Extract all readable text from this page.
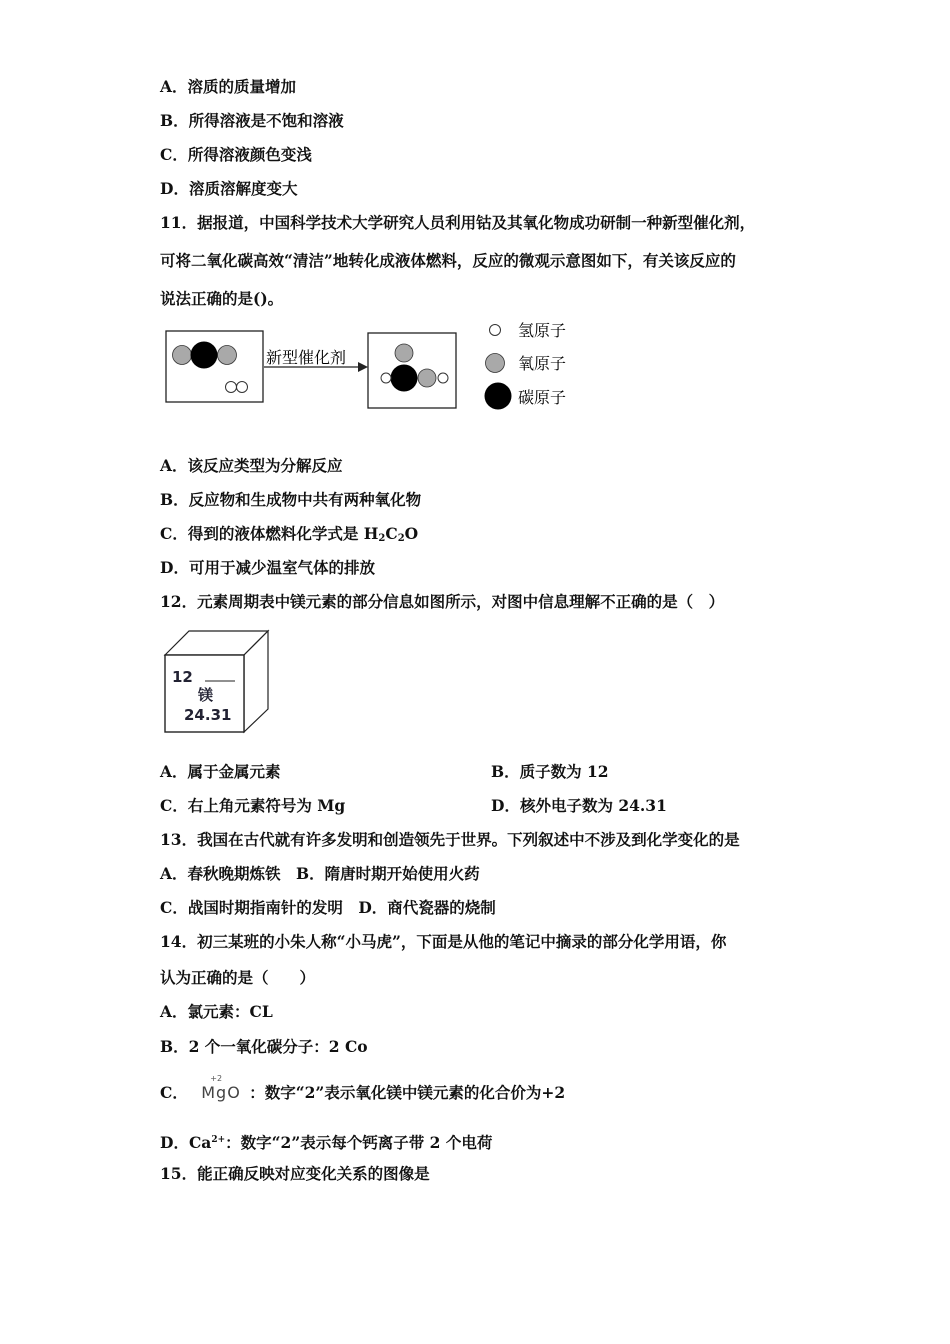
A．溶质的质量增加
B．所得溶液是不饱和溶液
C．所得溶液颜色变浅
D．溶质溶解度变大
11．据报道，中国科学技术大学研究人员利用钴及其氧化物成功研制一种新型催化剂，
可将二氧化碳高效“清洁”地转化成液体燃料，反应的微观示意图如下，有关该反应的
说法正确的是()。
新型催化剂
氢原子
氧原子
碳原子
A．该反应类型为分解反应
B．反应物和生成物中共有两种氧化物
C．得到的液体燃料化学式是 $H_2C_2O$
D．可用于减少温室气体的排放
12．元素周期表中镁元素的部分信息如图所示，对图中信息理解不正确的是（　）
12
镁
24.31
A．属于金属元素	B．质子数为 12
C．右上角元素符号为 Mg	D．核外电子数为 24.31
13．我国在古代就有许多发明和创造领先于世界。下列叙述中不涉及到化学变化的是
A．春秋晚期炼铁　B．隋唐时期开始使用火药
C．战国时期指南针的发明　D．商代瓷器的烧制
14．初三某班的小朱人称“小马虎”，下面是从他的笔记中摘录的部分化学用语，你
认为正确的是（　　）
A．氯元素：CL
B．2 个一氧化碳分子：2 Co
C．
+2
MgO ：数字“2”表示氧化镁中镁元素的化合价为+2
D．$Ca^{2+}$：数字“2”表示每个钙离子带 2 个电荷
15．能正确反映对应变化关系的图像是
